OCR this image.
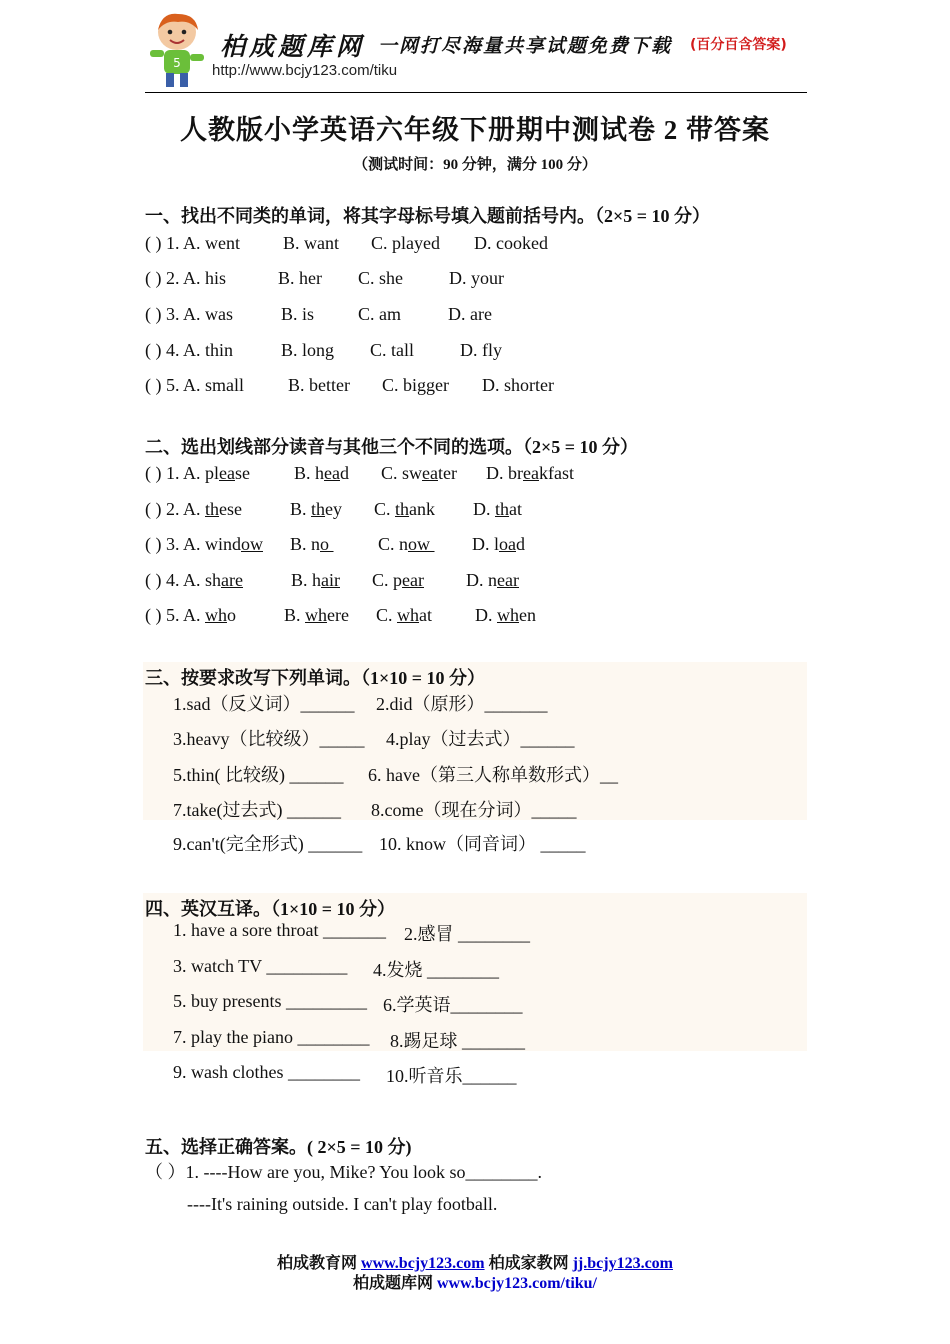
5
柏成题库网 一网打尽海量共享试题免费下载 (百分百含答案)
http://www.bcjy123.com/tiku
人教版小学英语六年级下册期中测试卷 2 带答案
（测试时间：90 分钟，满分 100 分）
一、找出不同类的单词，将其字母标号填入题前括号内。（2×5 = 10 分）
( ) 1. A. went B. want C. played D. cooked
( ) 2. A. his	B. her C. she	D. your
( ) 3. A. was	B. is C. am	D. are
( ) 4. A. thin	B. long C. tall	D. fly
( ) 5. A. small B. better C. bigger D. shorter
二、选出划线部分读音与其他三个不同的选项。（2×5 = 10 分）
( ) 1. A. please B. head C. sweater D. breakfast
( ) 2. A. these	B. they C. thank D. that
( ) 3. A. window B. no C. now D. load
( ) 4. A. share	B. hair C. pear D. near
( ) 5. A. who	B. where C. what D. when
三、按要求改写下列单词。（1×10 = 10 分）
1.sad（反义词）______ 2.did（原形）_______
3.heavy（比较级）_____ 4.play（过去式）______
5.thin( 比较级) ______ 6. have（第三人称单数形式）__
7.take(过去式) ______ 8.come（现在分词）_____
9.can't(完全形式) ______ 10. know（同音词） _____
四、英汉互译。（1×10 = 10 分）
1. have a sore throat _______ 2.感冒 ________
3. watch TV _________ 4.发烧 ________
5. buy presents _________ 6.学英语________
7. play the piano ________ 8.踢足球 _______
9. wash clothes ________ 10.听音乐______
五、选择正确答案。( 2×5 = 10 分)
（ ）1. ----How are you, Mike? You look so________.
----It's raining outside. I can't play football.
柏成教育网 www.bcjy123.com 柏成家教网 jj.bcjy123.com
柏成题库网 www.bcjy123.com/tiku/
